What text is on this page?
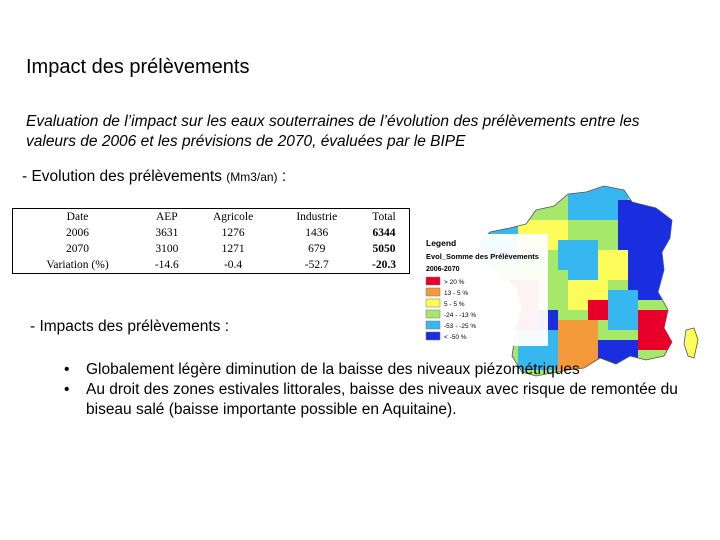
Impact des prélèvements
Evaluation de l’impact sur les eaux souterraines de l’évolution des prélèvements entre les valeurs de 2006 et les prévisions de 2070, évaluées par le BIPE
- Evolution des prélèvements (Mm3/an) :
Date	AEP	Agricole	Industrie	Total
2006	3631	1276	1436	6344
2070	3100	1271	679	5050
Variation (%)	-14.6	-0.4	-52.7	-20.3
Legend
Evol_Somme des Prélèvements
2006-2070
> 20 %
13 - 5 %
5 - 5 %
-24 - -13 %
-53 - -25 %
< -50 %
- Impacts des prélèvements :
• Globalement légère diminution de la baisse des niveaux piézométriques
• Au droit des zones estivales littorales, baisse des niveaux avec risque de remontée du biseau salé (baisse importante possible en Aquitaine).
